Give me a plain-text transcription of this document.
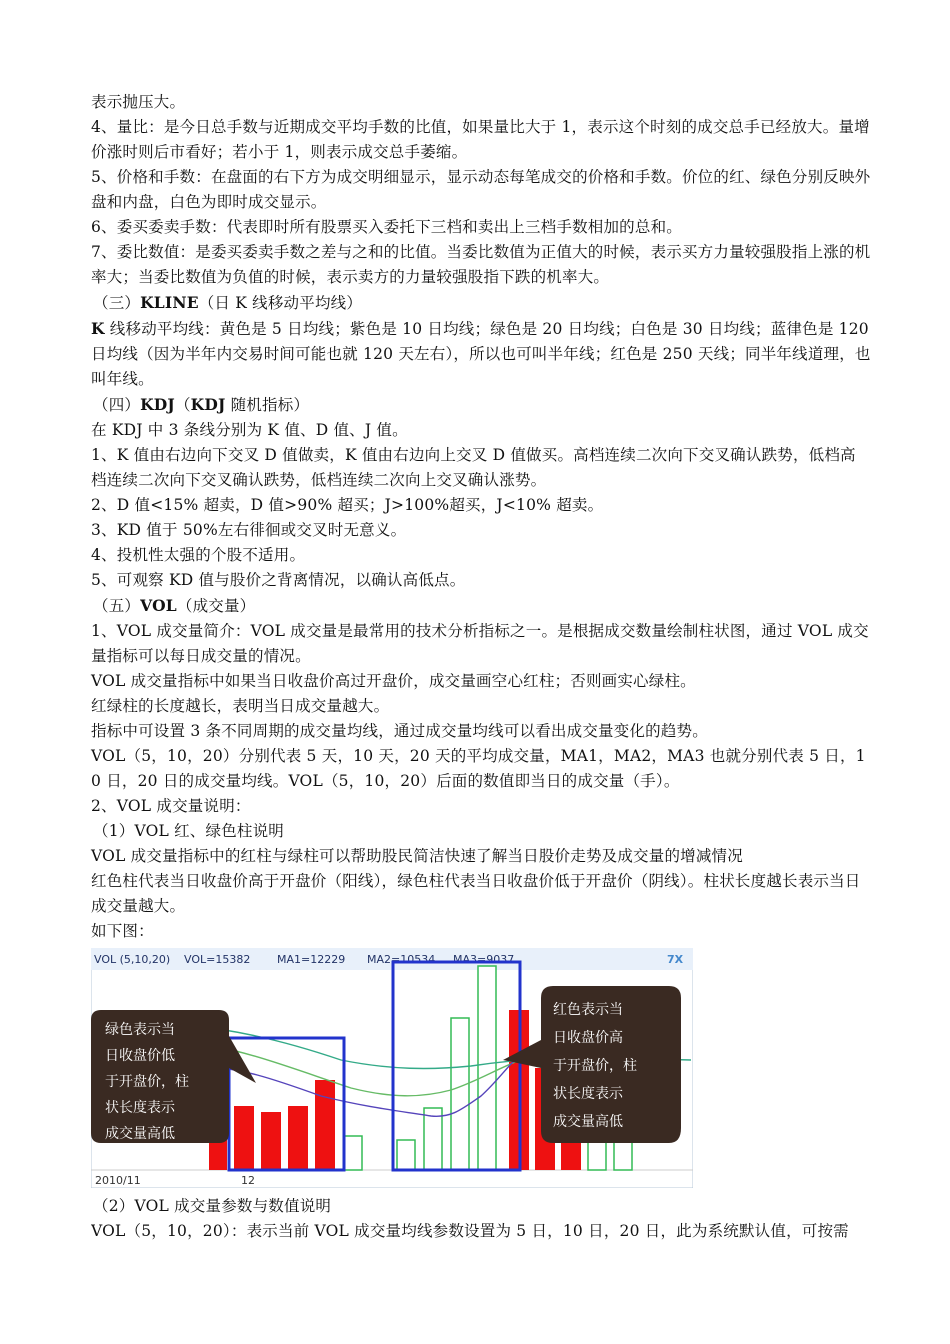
表示抛压大。

4、量比：是今日总手数与近期成交平均手数的比值，如果量比大于 1，表示这个时刻的成交总手已经放大。量增价涨时则后市看好；若小于 1，则表示成交总手萎缩。

5、价格和手数：在盘面的右下方为成交明细显示，显示动态每笔成交的价格和手数。价位的红、绿色分别反映外盘和内盘，白色为即时成交显示。

6、委买委卖手数：代表即时所有股票买入委托下三档和卖出上三档手数相加的总和。

7、委比数值：是委买委卖手数之差与之和的比值。当委比数值为正值大的时候，表示买方力量较强股指上涨的机率大；当委比数值为负值的时候，表示卖方的力量较强股指下跌的机率大。

（三）KLINE（日 K 线移动平均线）

K 线移动平均线：黄色是 5 日均线；紫色是 10 日均线；绿色是 20 日均线；白色是 30 日均线；蓝律色是 120 日均线（因为半年内交易时间可能也就 120 天左右），所以也可叫半年线；红色是 250 天线；同半年线道理，也叫年线。

（四）KDJ（KDJ 随机指标）

在 KDJ 中 3 条线分别为 K 值、D 值、J 值。

1、K 值由右边向下交叉 D 值做卖，K 值由右边向上交叉 D 值做买。高档连续二次向下交叉确认跌势，低档高档连续二次向下交叉确认跌势，低档连续二次向上交叉确认涨势。

2、D 值<15% 超卖，D 值>90% 超买；J>100%超买，J<10% 超卖。

3、KD 值于 50%左右徘徊或交叉时无意义。

4、投机性太强的个股不适用。

5、可观察 KD 值与股价之背离情况，以确认高低点。

（五）VOL（成交量）

1、VOL 成交量简介：VOL 成交量是最常用的技术分析指标之一。是根据成交数量绘制柱状图，通过 VOL 成交量指标可以每日成交量的情况。

VOL 成交量指标中如果当日收盘价高过开盘价，成交量画空心红柱；否则画实心绿柱。

红绿柱的长度越长，表明当日成交量越大。

指标中可设置 3 条不同周期的成交量均线，通过成交量均线可以看出成交量变化的趋势。

VOL（5，10，20）分别代表 5 天，10 天，20 天的平均成交量，MA1，MA2，MA3 也就分别代表 5 日，10 日，20 日的成交量均线。VOL（5，10，20）后面的数值即当日的成交量（手）。

2、VOL 成交量说明：

（1）VOL 红、绿色柱说明

VOL 成交量指标中的红柱与绿柱可以帮助股民简洁快速了解当日股价走势及成交量的增减情况

红色柱代表当日收盘价高于开盘价（阳线），绿色柱代表当日收盘价低于开盘价（阴线）。柱状长度越长表示当日成交量越大。

如下图：

VOL (5,10,20) VOL=15382 MA1=12229 MA2=10534 MA3=9037	7X
绿色表示当
日收盘价低
于开盘价，柱
状长度表示
成交量高低
红色表示当
日收盘价高
于开盘价，柱
状长度表示
成交量高低
2010/11	12

（2）VOL 成交量参数与数值说明

VOL（5，10，20）：表示当前 VOL 成交量均线参数设置为 5 日，10 日，20 日，此为系统默认值，可按需
